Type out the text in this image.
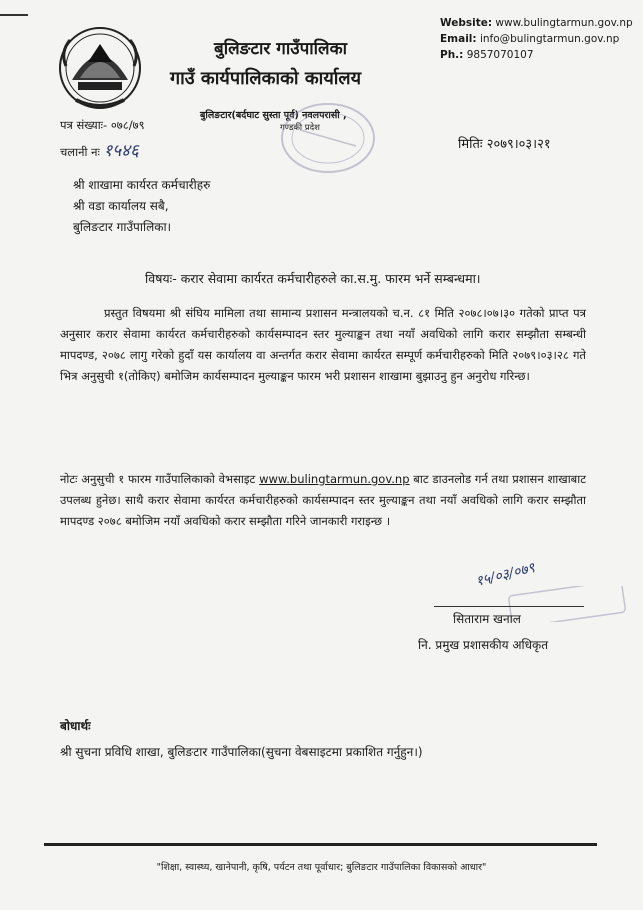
बुलिङटार गाउँपालिका
गाउँ कार्यपालिकाको कार्यालय
बुलिङटार(बर्दघाट सुस्ता पूर्व) नवलपरासी ,
गण्डकी प्रदेश
Website: www.bulingtarmun.gov.np
Email: info@bulingtarmun.gov.np
Ph.: 9857070107
पत्र संख्याः- ०७८/७९
चलानी नः १५४६	मितिः २०७९।०३।२१
श्री शाखामा कार्यरत कर्मचारीहरु
श्री वडा कार्यालय सबै,
बुलिङटार गाउँपालिका।
विषयः- करार सेवामा कार्यरत कर्मचारीहरुले का.स.मु. फारम भर्ने सम्बन्धमा।
प्रस्तुत विषयमा श्री संघिय मामिला तथा सामान्य प्रशासन मन्त्रालयको च.न. ८१ मिति २०७८।०७।३० गतेको प्राप्त पत्र अनुसार करार सेवामा कार्यरत कर्मचारीहरुको कार्यसम्पादन स्तर मुल्याङ्कन तथा नयाँ अवधिको लागि करार सम्झौता सम्बन्धी मापदण्ड, २०७८ लागु गरेको हुदाँ यस कार्यालय वा अन्तर्गत करार सेवामा कार्यरत सम्पूर्ण कर्मचारीहरुको मिति २०७९।०३।२८ गते भित्र अनुसुची १(तोकिए) बमोजिम कार्यसम्पादन मुल्याङ्कन फारम भरी प्रशासन शाखामा बुझाउनु हुन अनुरोध गरिन्छ।
नोटः अनुसुची १ फारम गाउँपालिकाको वेभसाइट www.bulingtarmun.gov.np बाट डाउनलोड गर्न तथा प्रशासन शाखाबाट उपलब्ध हुनेछ। साथै करार सेवामा कार्यरत कर्मचारीहरुको कार्यसम्पादन स्तर मुल्याङ्कन तथा नयाँ अवधिको लागि करार सम्झौता मापदण्ड २०७८ बमोजिम नयाँ अवधिको करार सम्झौता गरिने जानकारी गराइन्छ ।
१५/०३/०७९
सिताराम खनाल
नि. प्रमुख प्रशासकीय अधिकृत
बोधार्थः
श्री सुचना प्रविधि शाखा, बुलिङटार गाउँपालिका(सुचना वेबसाइटमा प्रकाशित गर्नुहुन।)
"शिक्षा, स्वास्थ्य, खानेपानी, कृषि, पर्यटन तथा पूर्वाधार; बुलिङटार गाउँपालिका विकासको आधार"
